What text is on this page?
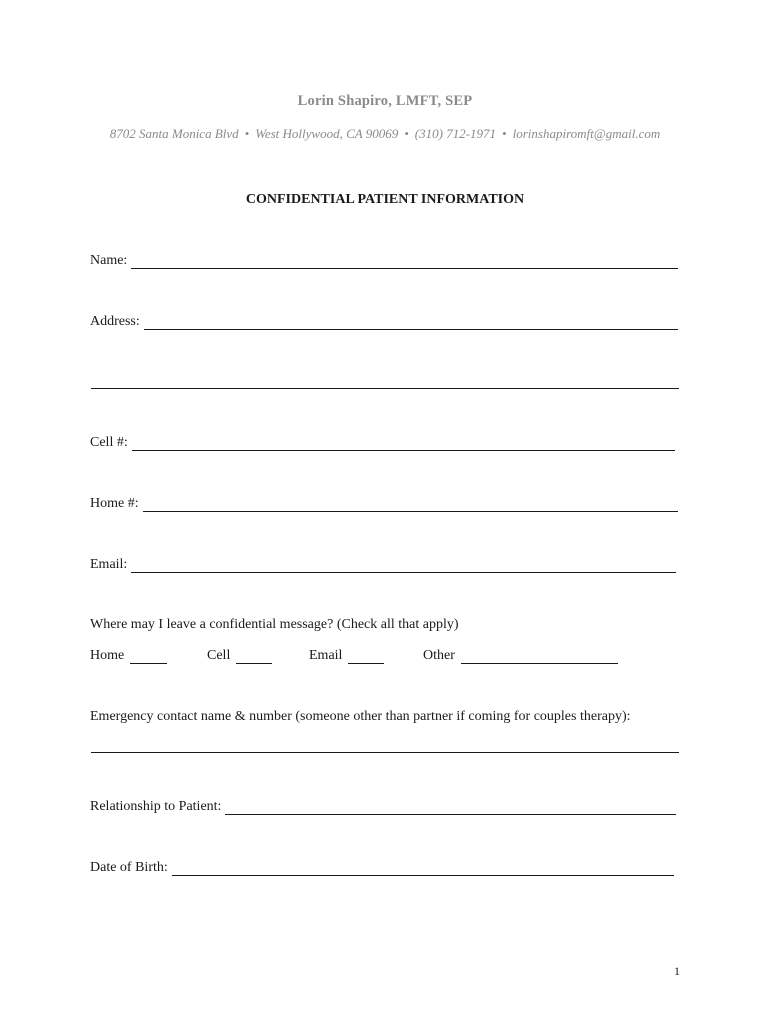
Lorin Shapiro, LMFT, SEP
8702 Santa Monica Blvd • West Hollywood, CA 90069 • (310) 712-1971 • lorinshapiromft@gmail.com
CONFIDENTIAL PATIENT INFORMATION
Name:
Address:
Cell #:
Home #:
Email:
Where may I leave a confidential message? (Check all that apply)
Home	Cell	Email	Other
Emergency contact name & number (someone other than partner if coming for couples therapy):
Relationship to Patient:
Date of Birth:
1
